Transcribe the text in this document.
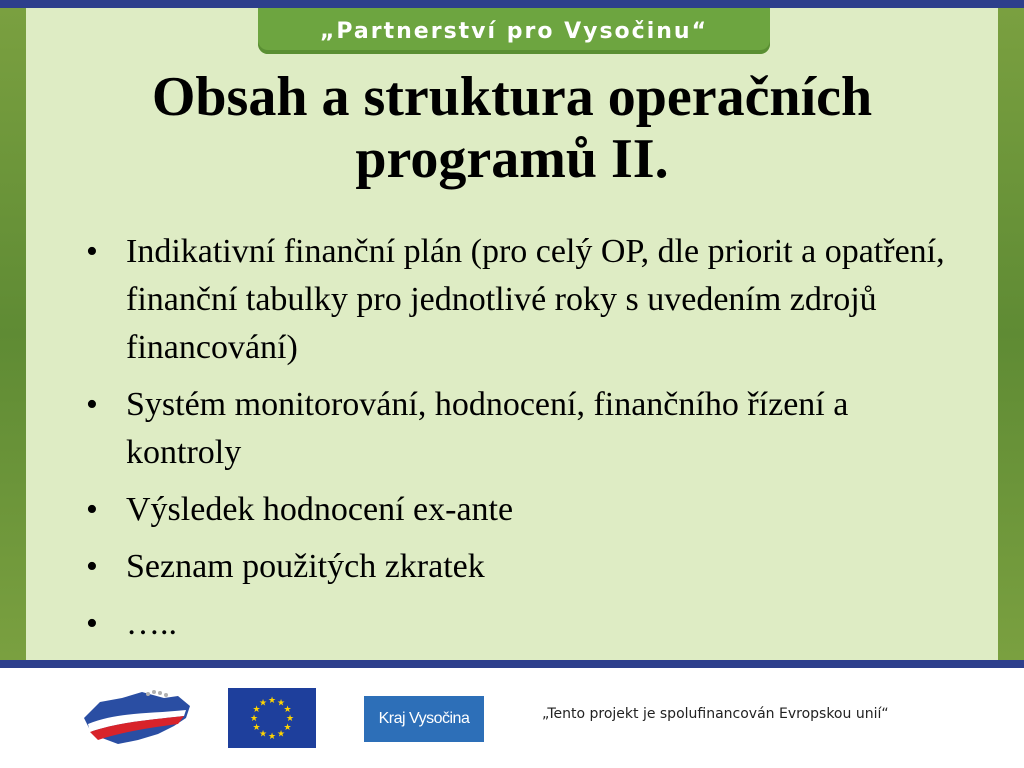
„Partnerství pro Vysočinu“
Obsah a struktura operačních programů II.
• Indikativní finanční plán (pro celý OP, dle priorit a opatření, finanční tabulky pro jednotlivé roky s uvedením zdrojů financování)
• Systém monitorování, hodnocení, finančního řízení a kontroly
• Výsledek hodnocení ex-ante
• Seznam použitých zkratek
• …..
★ ★
★
★
★
★
★
★
★
★
★
★
Kraj Vysočina	„Tento projekt je spolufinancován Evropskou unií“
